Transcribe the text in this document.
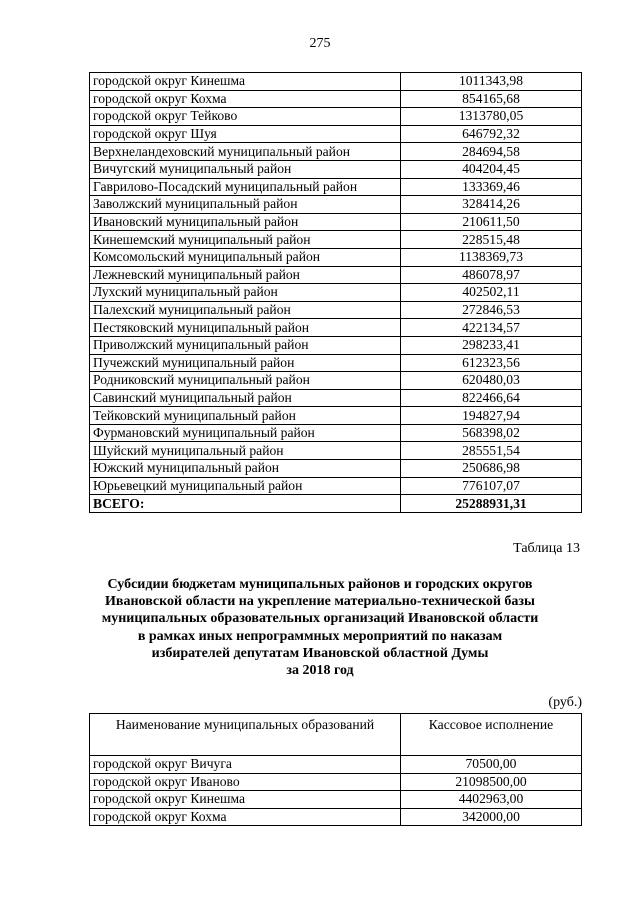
275
городской округ Кинешма	1011343,98
городской округ Кохма	854165,68
городской округ Тейково	1313780,05
городской округ Шуя	646792,32
Верхнеландеховский муниципальный район	284694,58
Вичугский муниципальный район	404204,45
Гаврилово-Посадский муниципальный район	133369,46
Заволжский муниципальный район	328414,26
Ивановский муниципальный район	210611,50
Кинешемский муниципальный район	228515,48
Комсомольский муниципальный район	1138369,73
Лежневский муниципальный район	486078,97
Лухский муниципальный район	402502,11
Палехский муниципальный район	272846,53
Пестяковский муниципальный район	422134,57
Приволжский муниципальный район	298233,41
Пучежский муниципальный район	612323,56
Родниковский муниципальный район	620480,03
Савинский муниципальный район	822466,64
Тейковский муниципальный район	194827,94
Фурмановский муниципальный район	568398,02
Шуйский муниципальный район	285551,54
Южский муниципальный район	250686,98
Юрьевецкий муниципальный район	776107,07
ВСЕГО:	25288931,31
Таблица 13
Субсидии бюджетам муниципальных районов и городских округов
Ивановской области на укрепление материально-технической базы
муниципальных образовательных организаций Ивановской области
в рамках иных непрограммных мероприятий по наказам
избирателей депутатам Ивановской областной Думы
за 2018 год
(руб.)
Наименование муниципальных образований	Кассовое исполнение
городской округ Вичуга	70500,00
городской округ Иваново	21098500,00
городской округ Кинешма	4402963,00
городской округ Кохма	342000,00
